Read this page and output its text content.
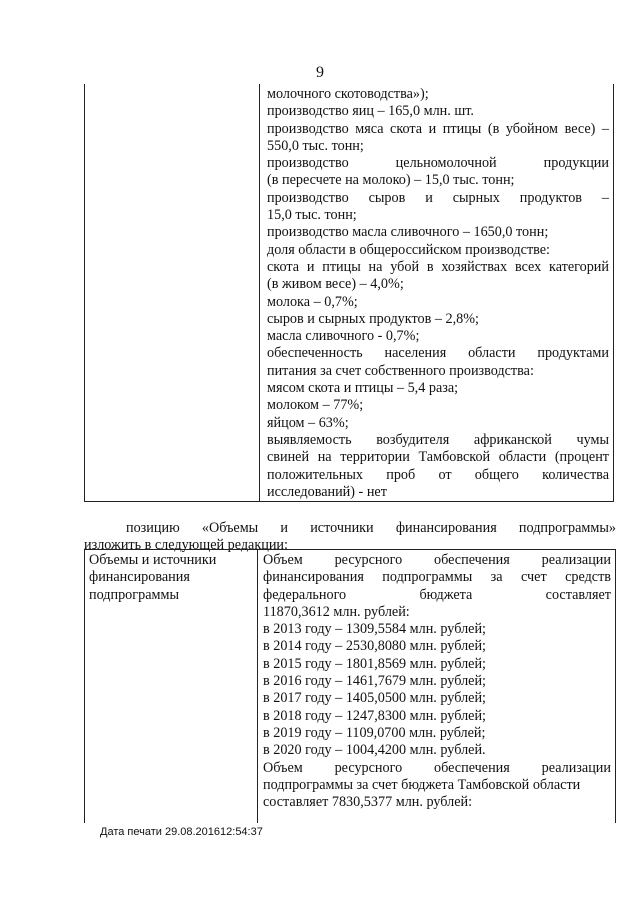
9
молочного скотоводства»);
производство яиц – 165,0 млн. шт.
производство мяса скота и птицы (в убойном весе) –
550,0 тыс. тонн;
производство цельномолочной продукции
(в пересчете на молоко) – 15,0 тыс. тонн;
производство сыров и сырных продуктов –
15,0 тыс. тонн;
производство масла сливочного – 1650,0 тонн;
доля области в общероссийском производстве:
скота и птицы на убой в хозяйствах всех категорий
(в живом весе) – 4,0%;
молока – 0,7%;
сыров и сырных продуктов – 2,8%;
масла сливочного - 0,7%;
обеспеченность населения области продуктами
питания за счет собственного производства:
мясом скота и птицы – 5,4 раза;
молоком – 77%;
яйцом – 63%;
выявляемость возбудителя африканской чумы
свиней на территории Тамбовской области (процент
положительных проб от общего количества
исследований) - нет
позицию «Объемы и источники финансирования подпрограммы»
изложить в следующей редакции:
Объемы и источники
финансирования
подпрограммы
Объем ресурсного обеспечения реализации
финансирования подпрограммы за счет средств
федерального бюджета составляет
11870,3612 млн. рублей:
в 2013 году – 1309,5584 млн. рублей;
в 2014 году – 2530,8080 млн. рублей;
в 2015 году – 1801,8569 млн. рублей;
в 2016 году – 1461,7679 млн. рублей;
в 2017 году – 1405,0500 млн. рублей;
в 2018 году – 1247,8300 млн. рублей;
в 2019 году – 1109,0700 млн. рублей;
в 2020 году – 1004,4200 млн. рублей.
Объем ресурсного обеспечения реализации
подпрограммы за счет бюджета Тамбовской области
составляет 7830,5377 млн. рублей:
Дата печати 29.08.201612:54:37
